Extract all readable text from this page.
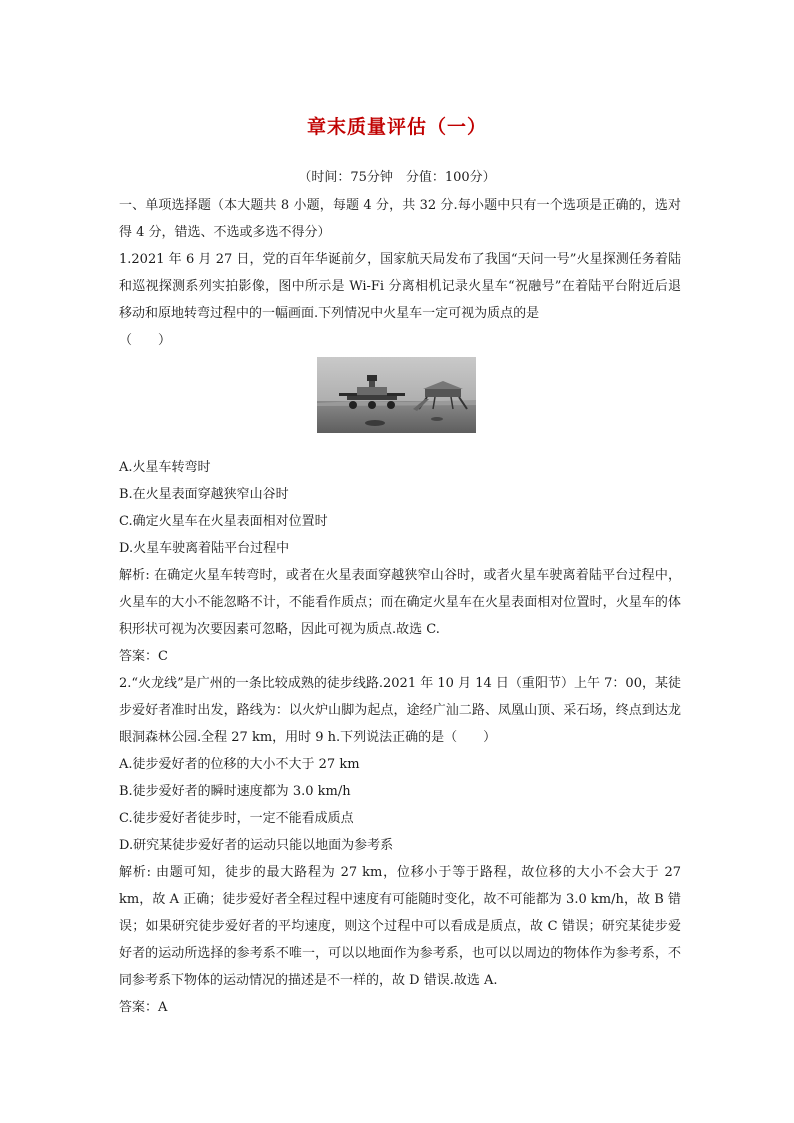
章末质量评估（一）
（时间：75分钟　分值：100分）

一、单项选择题（本大题共 8 小题，每题 4 分，共 32 分.每小题中只有一个选项是正确的，选对得 4 分，错选、不选或多选不得分）

1.2021 年 6 月 27 日，党的百年华诞前夕，国家航天局发布了我国“天问一号”火星探测任务着陆和巡视探测系列实拍影像，图中所示是 Wi-Fi 分离相机记录火星车“祝融号”在着陆平台附近后退移动和原地转弯过程中的一幅画面.下列情况中火星车一定可视为质点的是

（　　）

A.火星车转弯时

B.在火星表面穿越狭窄山谷时

C.确定火星车在火星表面相对位置时

D.火星车驶离着陆平台过程中

解析: 在确定火星车转弯时，或者在火星表面穿越狭窄山谷时，或者火星车驶离着陆平台过程中，火星车的大小不能忽略不计，不能看作质点；而在确定火星车在火星表面相对位置时，火星车的体积形状可视为次要因素可忽略，因此可视为质点.故选 C.

答案：C

2.“火龙线”是广州的一条比较成熟的徒步线路.2021 年 10 月 14 日（重阳节）上午 7：00，某徒步爱好者准时出发，路线为：以火炉山脚为起点，途经广汕二路、凤凰山顶、采石场，终点到达龙眼洞森林公园.全程 27 km，用时 9 h.下列说法正确的是（　　）

A.徒步爱好者的位移的大小不大于 27 km

B.徒步爱好者的瞬时速度都为 3.0 km/h

C.徒步爱好者徒步时，一定不能看成质点

D.研究某徒步爱好者的运动只能以地面为参考系

解析: 由题可知，徒步的最大路程为 27 km，位移小于等于路程，故位移的大小不会大于 27 km，故 A 正确；徒步爱好者全程过程中速度有可能随时变化，故不可能都为 3.0 km/h，故 B 错误；如果研究徒步爱好者的平均速度，则这个过程中可以看成是质点，故 C 错误；研究某徒步爱好者的运动所选择的参考系不唯一，可以以地面作为参考系，也可以以周边的物体作为参考系，不同参考系下物体的运动情况的描述是不一样的，故 D 错误.故选 A.

答案：A
